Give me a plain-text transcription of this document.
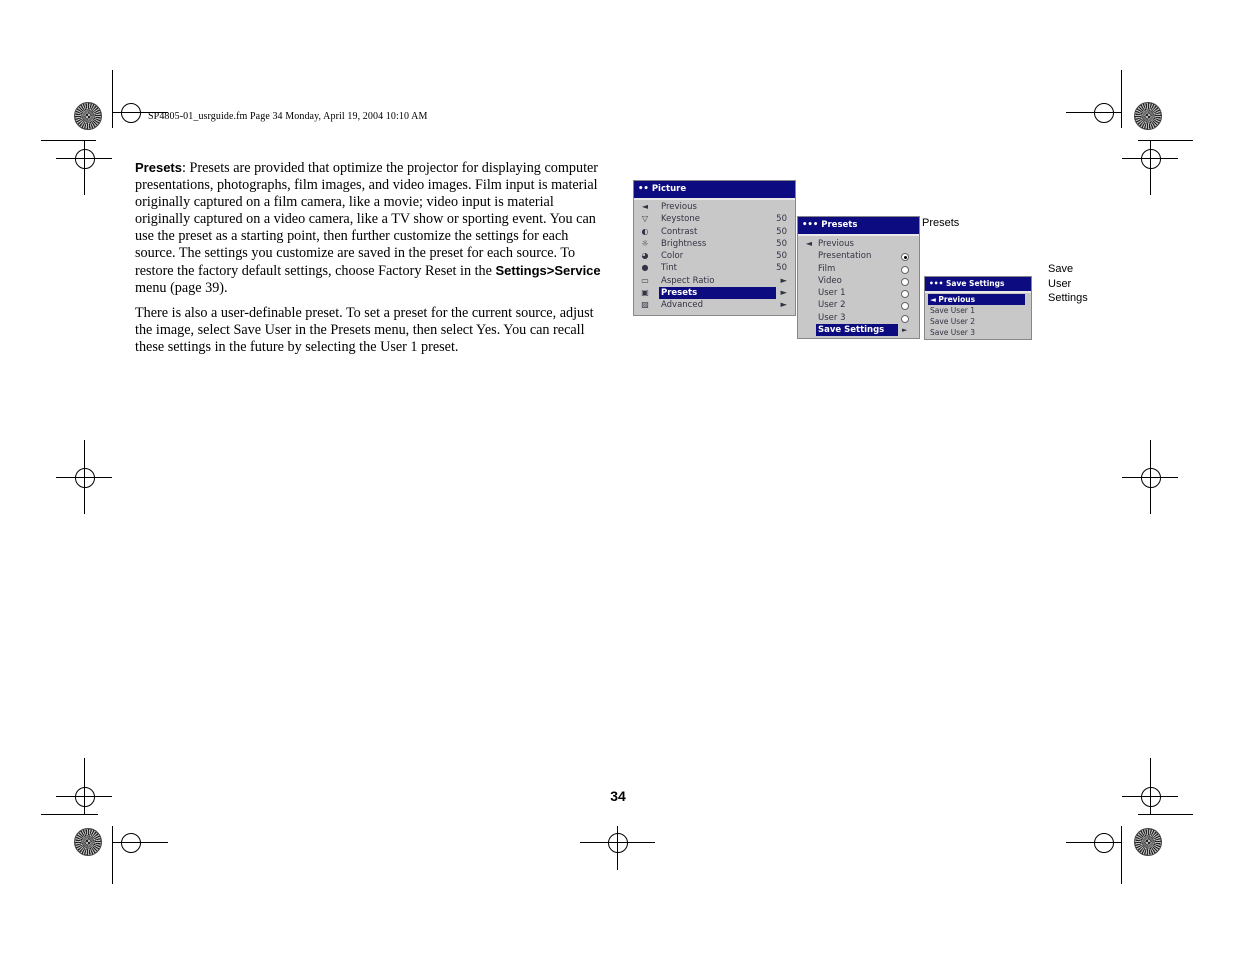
SP4805-01_usrguide.fm Page 34 Monday, April 19, 2004 10:10 AM
Presets: Presets are provided that optimize the projector for displaying computer presentations, photographs, film images, and video images. Film input is material originally captured on a film camera, like a movie; video input is material originally captured on a video camera, like a TV show or sporting event. You can use the preset as a starting point, then further customize the settings for each source. The settings you customize are saved in the preset for each source. To restore the factory default settings, choose Factory Reset in the Settings>Service menu (page 39).
There is also a user-definable preset. To set a preset for the current source, adjust the image, select Save User in the Presets menu, then select Yes. You can recall these settings in the future by selecting the User 1 preset.
•• Picture
◄ Previous
▽ Keystone	50
◐ Contrast	50
☼ Brightness	50
◕ Color	50
● Tint	50
▭ Aspect Ratio	►
▣ Presets	►
▨ Advanced	►
••• Presets
◄ Previous
Presentation
Film
Video
User 1
User 2
User 3
Save Settings	►
Presets
••• Save Settings
◄ Previous
Save User 1
Save User 2
Save User 3
Save
User
Settings
34
